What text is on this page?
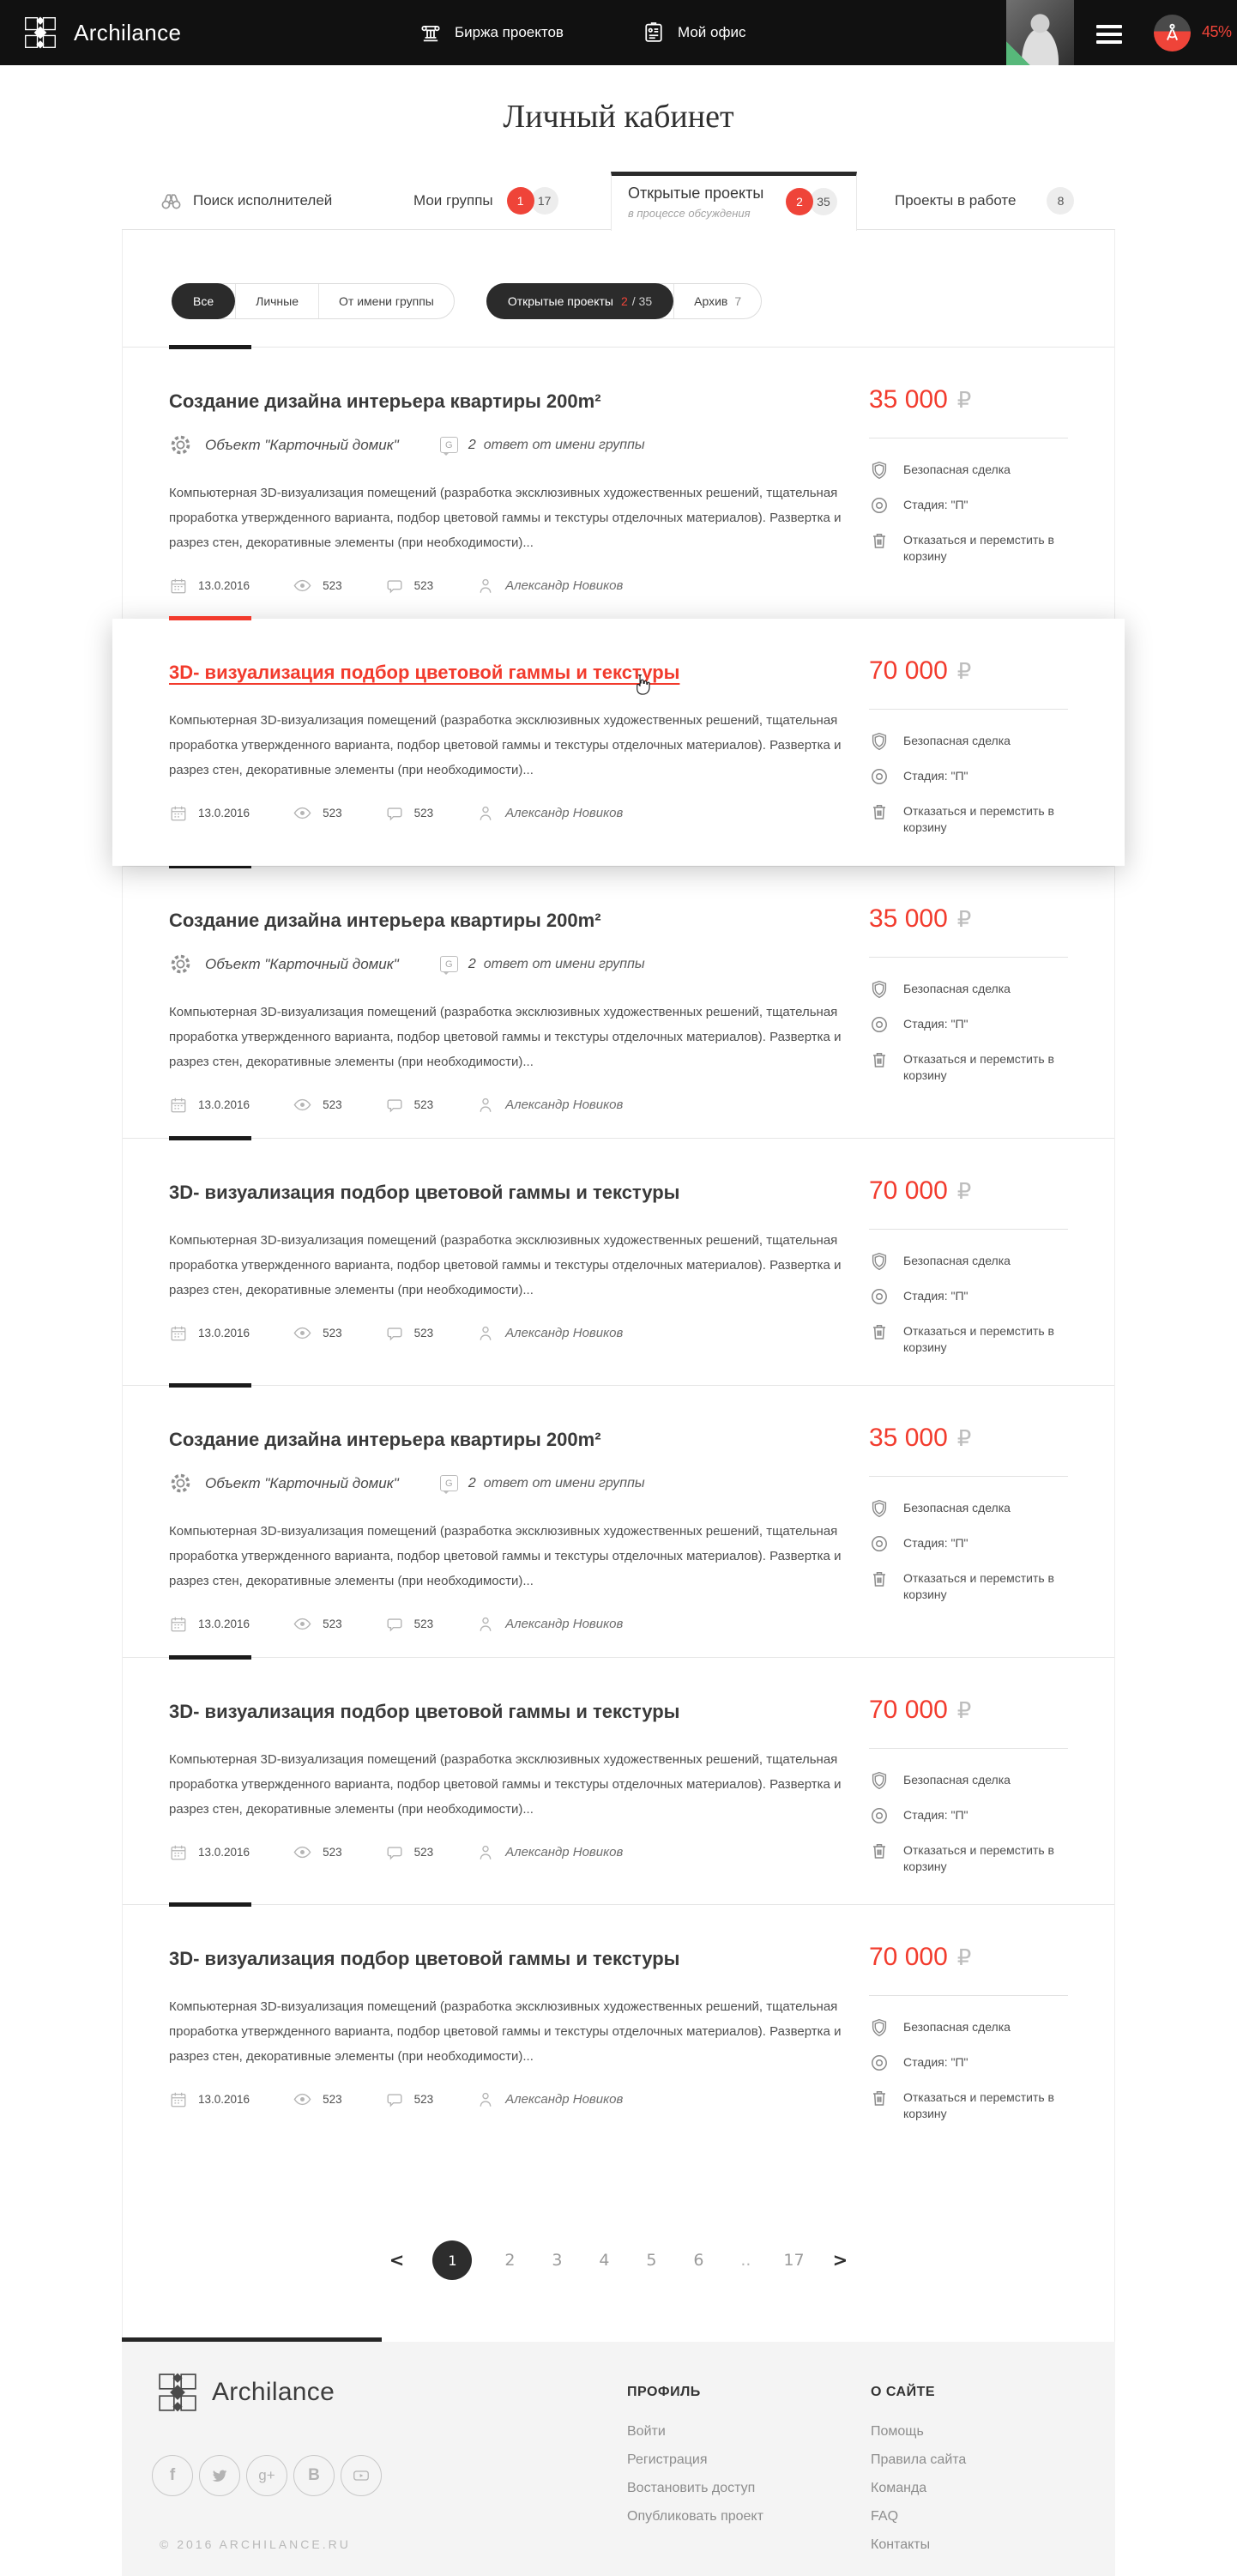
Archilance	Биржа проектов	Мой офис	45%
Личный кабинет
Поиск исполнителей	Мои группы	1	17	Открытые проекты
в процессе обсуждения
2	35	Проекты в работе	8
Все	Личные	От имени группы	Открытые проекты 2 / 35	Архив 7
Создание дизайна интерьера квартиры 200m²
Объект "Карточный домик"	G	2 ответ от имени группы

Компьютерная 3D-визуализация помещений (разработка эксклюзивных художественных решений, тщательная проработка утвержденного варианта, подбор цветовой гаммы и текстуры отделочных материалов). Развертка и разрез стен, декоративные элементы (при необходимости)...

13.0.2016	523	523	Александр Новиков
35 000 ₽
Безопасная сделка
Стадия: "П"
Отказаться и перемстить в корзину
3D- визуализация подбор цветовой гаммы и текстуры

Компьютерная 3D-визуализация помещений (разработка эксклюзивных художественных решений, тщательная проработка утвержденного варианта, подбор цветовой гаммы и текстуры отделочных материалов). Развертка и разрез стен, декоративные элементы (при необходимости)...

13.0.2016	523	523	Александр Новиков
70 000 ₽
Безопасная сделка
Стадия: "П"
Отказаться и перемстить в корзину
Создание дизайна интерьера квартиры 200m²
Объект "Карточный домик"	G	2 ответ от имени группы

Компьютерная 3D-визуализация помещений (разработка эксклюзивных художественных решений, тщательная проработка утвержденного варианта, подбор цветовой гаммы и текстуры отделочных материалов). Развертка и разрез стен, декоративные элементы (при необходимости)...

13.0.2016	523	523	Александр Новиков
35 000 ₽
Безопасная сделка
Стадия: "П"
Отказаться и перемстить в корзину
3D- визуализация подбор цветовой гаммы и текстуры

Компьютерная 3D-визуализация помещений (разработка эксклюзивных художественных решений, тщательная проработка утвержденного варианта, подбор цветовой гаммы и текстуры отделочных материалов). Развертка и разрез стен, декоративные элементы (при необходимости)...

13.0.2016	523	523	Александр Новиков
70 000 ₽
Безопасная сделка
Стадия: "П"
Отказаться и перемстить в корзину
Создание дизайна интерьера квартиры 200m²
Объект "Карточный домик"	G	2 ответ от имени группы

Компьютерная 3D-визуализация помещений (разработка эксклюзивных художественных решений, тщательная проработка утвержденного варианта, подбор цветовой гаммы и текстуры отделочных материалов). Развертка и разрез стен, декоративные элементы (при необходимости)...

13.0.2016	523	523	Александр Новиков
35 000 ₽
Безопасная сделка
Стадия: "П"
Отказаться и перемстить в корзину
3D- визуализация подбор цветовой гаммы и текстуры

Компьютерная 3D-визуализация помещений (разработка эксклюзивных художественных решений, тщательная проработка утвержденного варианта, подбор цветовой гаммы и текстуры отделочных материалов). Развертка и разрез стен, декоративные элементы (при необходимости)...

13.0.2016	523	523	Александр Новиков
70 000 ₽
Безопасная сделка
Стадия: "П"
Отказаться и перемстить в корзину
3D- визуализация подбор цветовой гаммы и текстуры

Компьютерная 3D-визуализация помещений (разработка эксклюзивных художественных решений, тщательная проработка утвержденного варианта, подбор цветовой гаммы и текстуры отделочных материалов). Развертка и разрез стен, декоративные элементы (при необходимости)...

13.0.2016	523	523	Александр Новиков
70 000 ₽
Безопасная сделка
Стадия: "П"
Отказаться и перемстить в корзину
<	1	2 3 4 5 6 .. 17 >
Archilance
f	g+ B
© 2016 ARCHILANCE.RU
ПРОФИЛЬ
Войти
Регистрация
Востановить доступ
Опубликовать проект
О САЙТЕ
Помощь
Правила сайта
Команда
FAQ
Контакты
